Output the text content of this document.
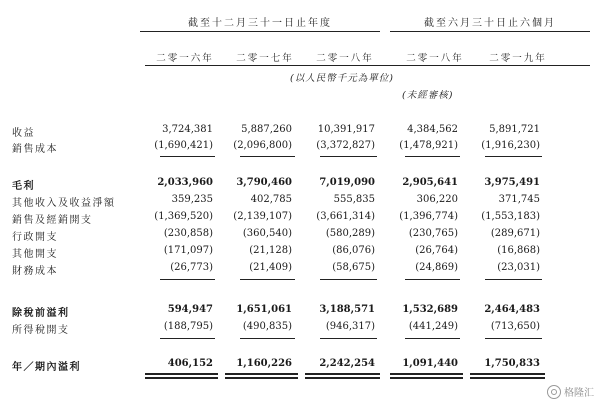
截至十二月三十一日止年度	截至六月三十日止六個月
二零一六年	二零一七年	二零一八年	二零一八年	二零一九年
(以人民幣千元為單位)
(未經審核)
收益	3,724,381	5,887,260	10,391,917	4,384,562	5,891,721
銷售成本	(1,690,421)	(2,096,800)	(3,372,827)	(1,478,921)	(1,916,230)
毛利	2,033,960	3,790,460	7,019,090	2,905,641	3,975,491
其他收入及收益淨額	359,235	402,785	555,835	306,220	371,745
銷售及經銷開支	(1,369,520)	(2,139,107)	(3,661,314)	(1,396,774)	(1,553,183)
行政開支	(230,858)	(360,540)	(580,289)	(230,765)	(289,671)
其他開支	(171,097)	(21,128)	(86,076)	(26,764)	(16,868)
財務成本	(26,773)	(21,409)	(58,675)	(24,869)	(23,031)
除稅前溢利	594,947	1,651,061	3,188,571	1,532,689	2,464,483
所得稅開支	(188,795)	(490,835)	(946,317)	(441,249)	(713,650)
年／期內溢利	406,152	1,160,226	2,242,254	1,091,440	1,750,833
格隆汇
